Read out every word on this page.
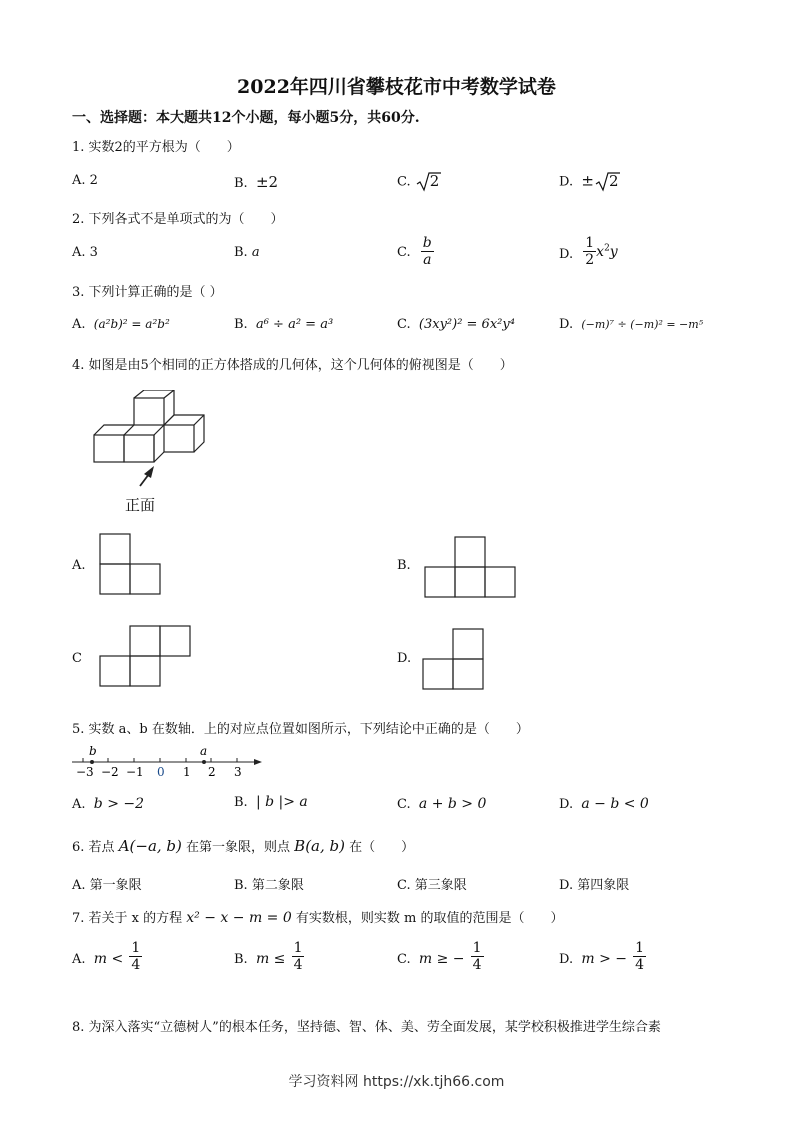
2022年四川省攀枝花市中考数学试卷
一、选择题：本大题共12个小题，每小题5分，共60分.
1. 实数2的平方根为（　　）
A. 2	B. ±2	C. 2	D. ± 2
2. 下列各式不是单项式的为（　　）
A. 3	B. a	C. $\frac{b}{a}$	D. $\frac{1}{2} x^2y$
3. 下列计算正确的是（ ）
A. (a²b)² = a²b²	B. a⁶ ÷ a² = a³	C. (3xy²)² = 6x²y⁴	D. (−m)⁷ ÷ (−m)² = −m⁵
4. 如图是由5个相同的正方体搭成的几何体，这个几何体的俯视图是（　　）
正面
A.	B.
C	D.
5. 实数 a、b 在数轴．上的对应点位置如图所示，下列结论中正确的是（　　）
b	a
−3 −2 −1 0 1 2 3
A. b > −2	B. | b |> a	C. a + b > 0	D. a − b < 0
6. 若点 A(−a, b) 在第一象限，则点 B(a, b) 在（　　）
A. 第一象限	B. 第二象限	C. 第三象限	D. 第四象限
7. 若关于 x 的方程 x² − x − m = 0 有实数根，则实数 m 的取值的范围是（　　）
A. $m < \frac{1}{4}$	B. $m \le \frac{1}{4}$	C. m ≥ − $\frac{1}{4}$	D. m > − $\frac{1}{4}$
8. 为深入落实“立德树人”的根本任务，坚持德、智、体、美、劳全面发展，某学校积极推进学生综合素
学习资料网 https://xk.tjh66.com
